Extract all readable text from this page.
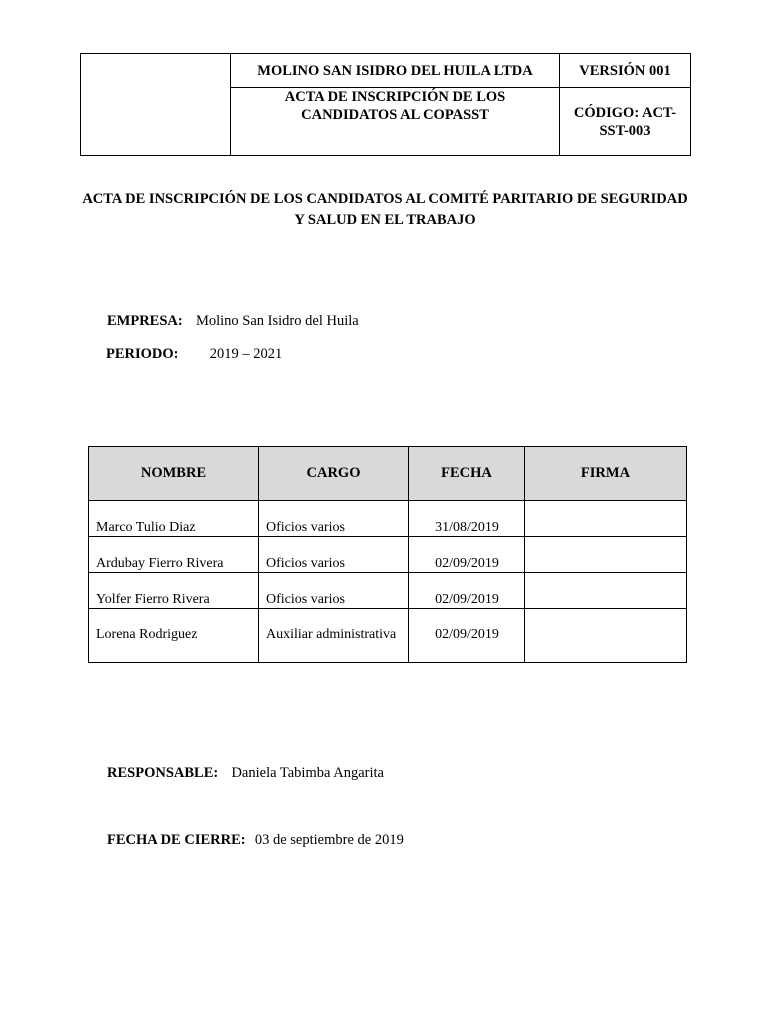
	MOLINO SAN ISIDRO DEL HUILA LTDA	VERSIÓN 001
	ACTA DE INSCRIPCIÓN DE LOS CANDIDATOS AL COPASST	CÓDIGO: ACT-SST-003
ACTA DE INSCRIPCIÓN DE LOS CANDIDATOS AL COMITÉ PARITARIO DE SEGURIDAD Y SALUD EN EL TRABAJO
EMPRESA: Molino San Isidro del Huila
PERIODO: 2019 – 2021
NOMBRE	CARGO	FECHA	FIRMA
Marco Tulio Diaz	Oficios varios	31/08/2019	
Ardubay Fierro Rivera	Oficios varios	02/09/2019	
Yolfer Fierro Rivera	Oficios varios	02/09/2019	
Lorena Rodriguez	Auxiliar administrativa	02/09/2019	
RESPONSABLE: Daniela Tabimba Angarita
FECHA DE CIERRE: 03 de septiembre de 2019
